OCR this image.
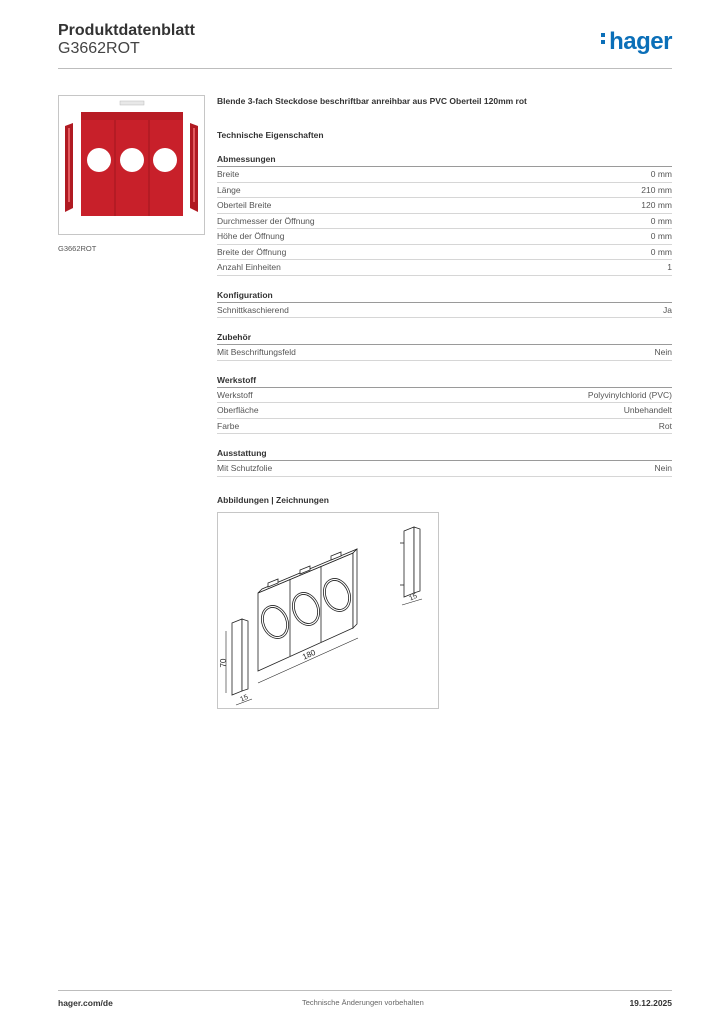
Produktdatenblatt
G3662ROT	hager
G3662ROT

Blende 3-fach Steckdose beschriftbar anreihbar aus PVC Oberteil 120mm rot

Technische Eigenschaften
Abmessungen
Breite	0 mm
Länge	210 mm
Oberteil Breite	120 mm
Durchmesser der Öffnung	0 mm
Höhe der Öffnung	0 mm
Breite der Öffnung	0 mm
Anzahl Einheiten	1
Konfiguration
Schnittkaschierend	Ja
Zubehör
Mit Beschriftungsfeld	Nein
Werkstoff
Werkstoff	Polyvinylchlorid (PVC)
Oberfläche	Unbehandelt
Farbe	Rot
Ausstattung
Mit Schutzfolie	Nein
Abbildungen | Zeichnungen
70
180
15
15
hager.com/de	Technische Änderungen vorbehalten	19.12.2025
